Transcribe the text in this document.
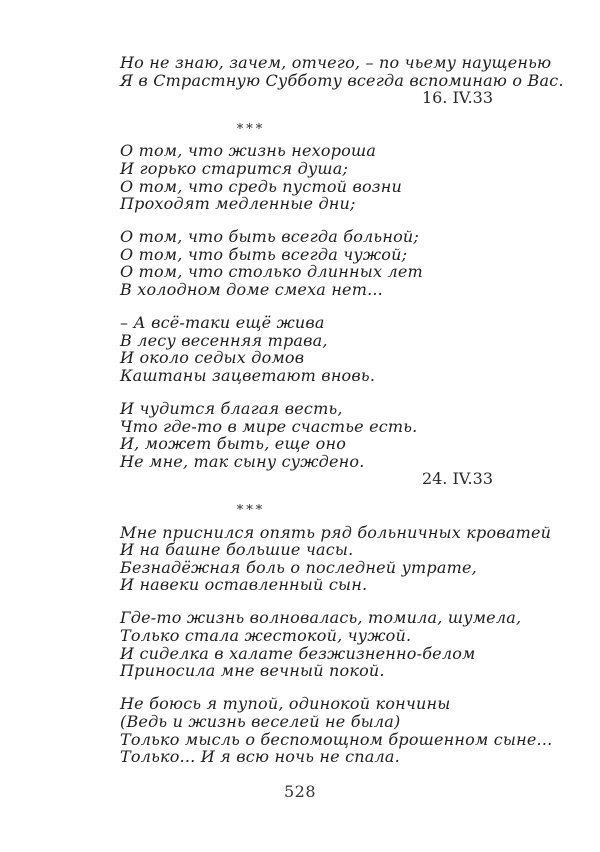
Но не знаю, зачем, отчего, – по чьему наущенью
Я в Страстную Субботу всегда вспоминаю о Вас.
16. IV.33
***
О том, что жизнь нехороша
И горько старится душа;
О том, что средь пустой возни
Проходят медленные дни;
О том, что быть всегда больной;
О том, что быть всегда чужой;
О том, что столько длинных лет
В холодном доме смеха нет...
– А всё-таки ещё жива
В лесу весенняя трава,
И около седых домов
Каштаны зацветают вновь.
И чудится благая весть,
Что где-то в мире счастье есть.
И, может быть, еще оно
Не мне, так сыну суждено.
24. IV.33
***
Мне приснился опять ряд больничных кроватей
И на башне большие часы.
Безнадёжная боль о последней утрате,
И навеки оставленный сын.
Где-то жизнь волновалась, томила, шумела,
Только стала жестокой, чужой.
И сиделка в халате безжизненно-белом
Приносила мне вечный покой.
Не боюсь я тупой, одинокой кончины
(Ведь и жизнь веселей не была)
Только мысль о беспомощном брошенном сыне...
Только... И я всю ночь не спала.
528
